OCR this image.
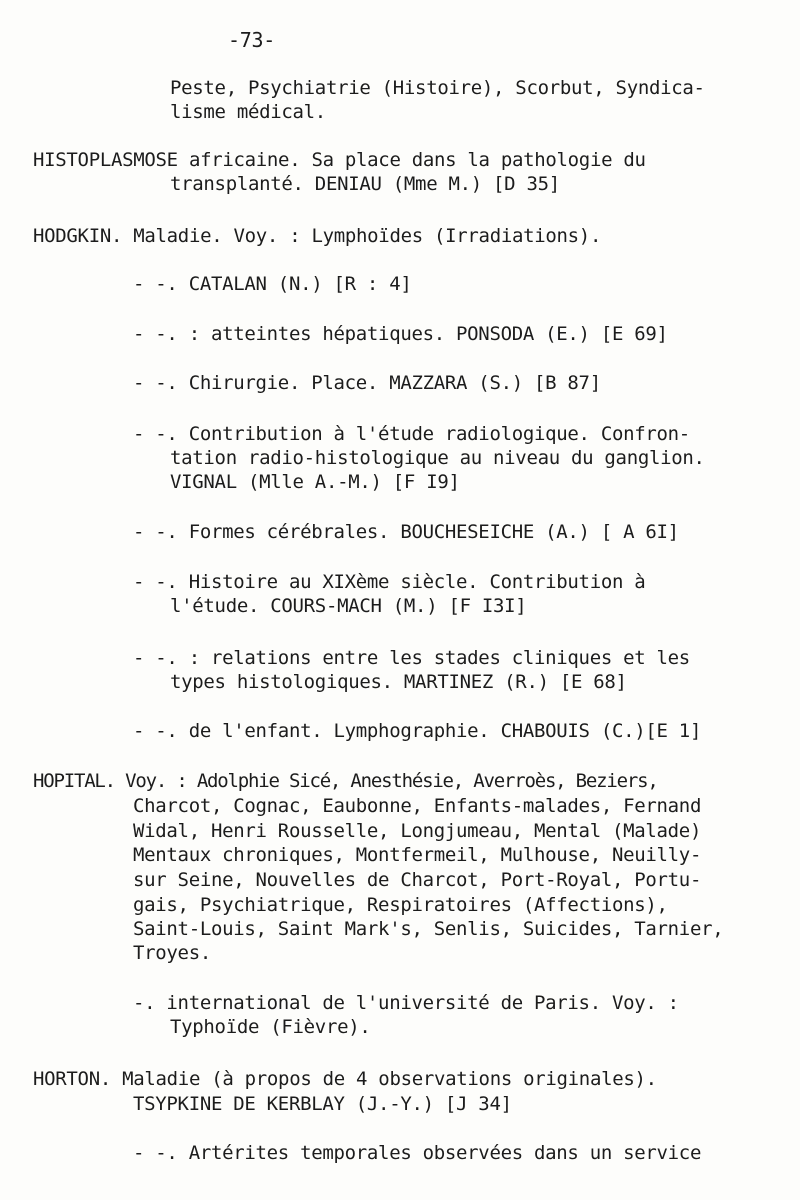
-73-
Peste, Psychiatrie (Histoire), Scorbut, Syndica-
lisme médical.
HISTOPLASMOSE africaine. Sa place dans la pathologie du
transplanté. DENIAU (Mme M.) [D 35]
HODGKIN. Maladie. Voy. : Lymphoïdes (Irradiations).
- -. CATALAN (N.) [R : 4]
- -. : atteintes hépatiques. PONSODA (E.) [E 69]
- -. Chirurgie. Place. MAZZARA (S.) [B 87]
- -. Contribution à l'étude radiologique. Confron-
tation radio-histologique au niveau du ganglion.
VIGNAL (Mlle A.-M.) [F I9]
- -. Formes cérébrales. BOUCHESEICHE (A.) [ A 6I]
- -. Histoire au XIXème siècle. Contribution à
l'étude. COURS-MACH (M.) [F I3I]
- -. : relations entre les stades cliniques et les
types histologiques. MARTINEZ (R.) [E 68]
- -. de l'enfant. Lymphographie. CHABOUIS (C.)[E 1]
HOPITAL. Voy. : Adolphie Sicé, Anesthésie, Averroès, Beziers,
Charcot, Cognac, Eaubonne, Enfants-malades, Fernand
Widal, Henri Rousselle, Longjumeau, Mental (Malade)
Mentaux chroniques, Montfermeil, Mulhouse, Neuilly-
sur Seine, Nouvelles de Charcot, Port-Royal, Portu-
gais, Psychiatrique, Respiratoires (Affections),
Saint-Louis, Saint Mark's, Senlis, Suicides, Tarnier,
Troyes.
-. international de l'université de Paris. Voy. :
Typhoïde (Fièvre).
HORTON. Maladie (à propos de 4 observations originales).
TSYPKINE DE KERBLAY (J.-Y.) [J 34]
- -. Artérites temporales observées dans un service
